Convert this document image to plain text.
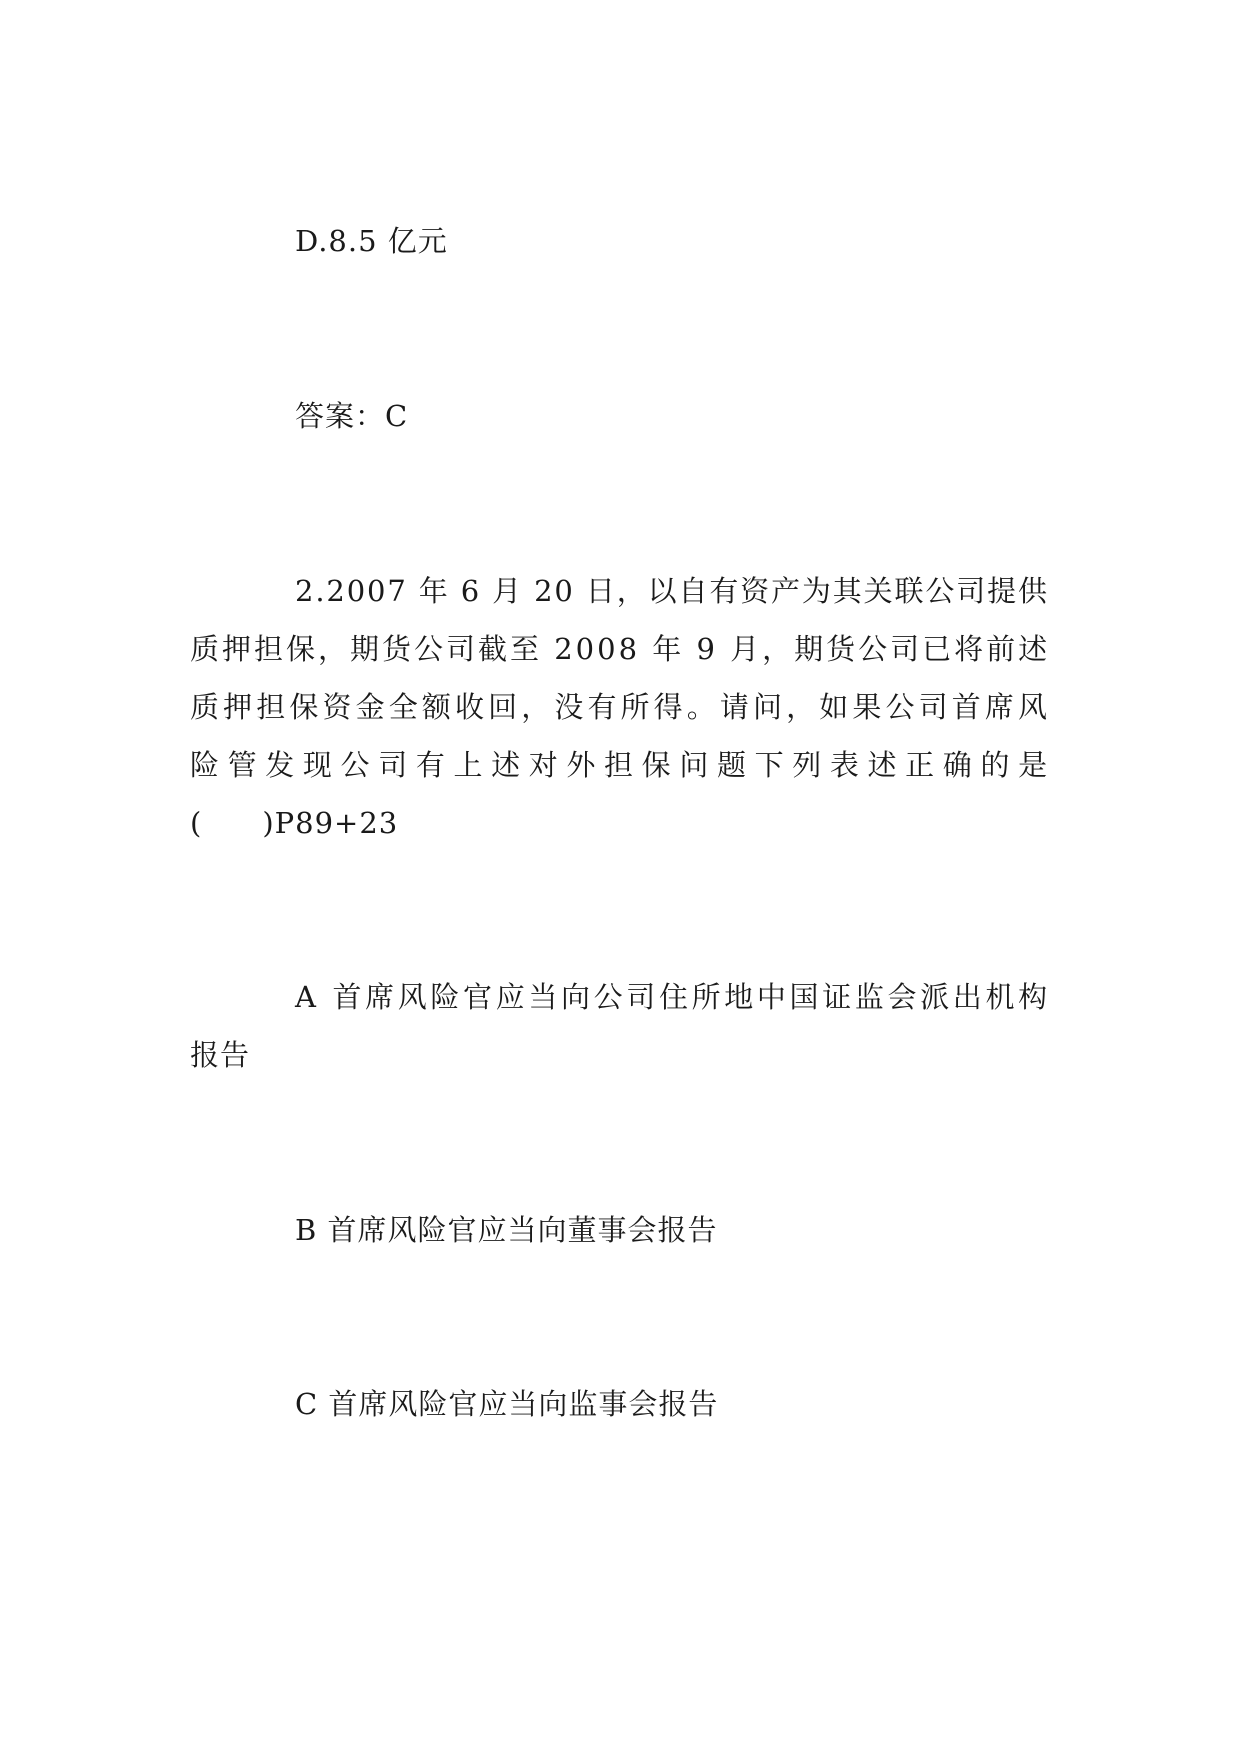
D.8.5 亿元
答案：C
2.2007 年 6 月 20 日，以自有资产为其关联公司提供
质押担保，期货公司截至 2008 年 9 月，期货公司已将前述
质押担保资金全额收回，没有所得。请问，如果公司首席风
险管发现公司有上述对外担保问题下列表述正确的是
(　　)P89+23
A 首席风险官应当向公司住所地中国证监会派出机构
报告
B 首席风险官应当向董事会报告
C 首席风险官应当向监事会报告
